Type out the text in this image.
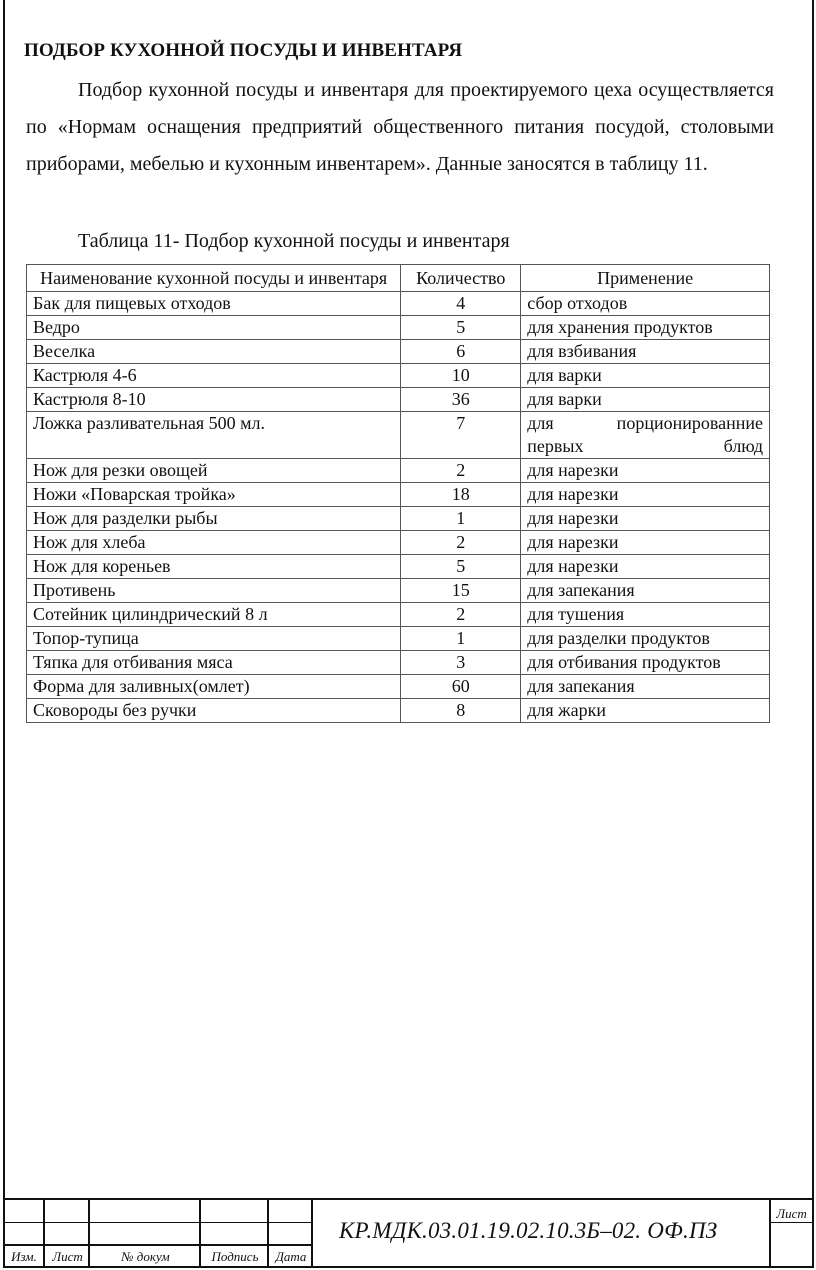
ПОДБОР КУХОННОЙ ПОСУДЫ И ИНВЕНТАРЯ

Подбор кухонной посуды и инвентаря для проектируемого цеха осуществляется по «Нормам оснащения предприятий общественного питания посудой, столовыми приборами, мебелью и кухонным инвентарем». Данные заносятся в таблицу 11.

Таблица 11- Подбор кухонной посуды и инвентаря
Наименование кухонной посуды и инвентаря	Количество	Применение
Бак для пищевых отходов	4	сбор отходов
Ведро	5	для хранения продуктов
Веселка	6	для взбивания
Кастрюля 4-6	10	для варки
Кастрюля 8-10	36	для варки
Ложка разливательная 500 мл.	7	для порционированние первых блюд
Нож для резки овощей	2	для нарезки
Ножи «Поварская тройка»	18	для нарезки
Нож для разделки рыбы	1	для нарезки
Нож для хлеба	2	для нарезки
Нож для кореньев	5	для нарезки
Противень	15	для запекания
Сотейник цилиндрический 8 л	2	для тушения
Топор-тупица	1	для разделки продуктов
Тяпка для отбивания мяса	3	для отбивания продуктов
Форма для заливных(омлет)	60	для запекания
Сковороды без ручки	8	для жарки
Изм.	Лист	№ докум	Подпись	Дата
Лист
КР.МДК.03.01.19.02.10.3Б–02. ОФ.ПЗ
